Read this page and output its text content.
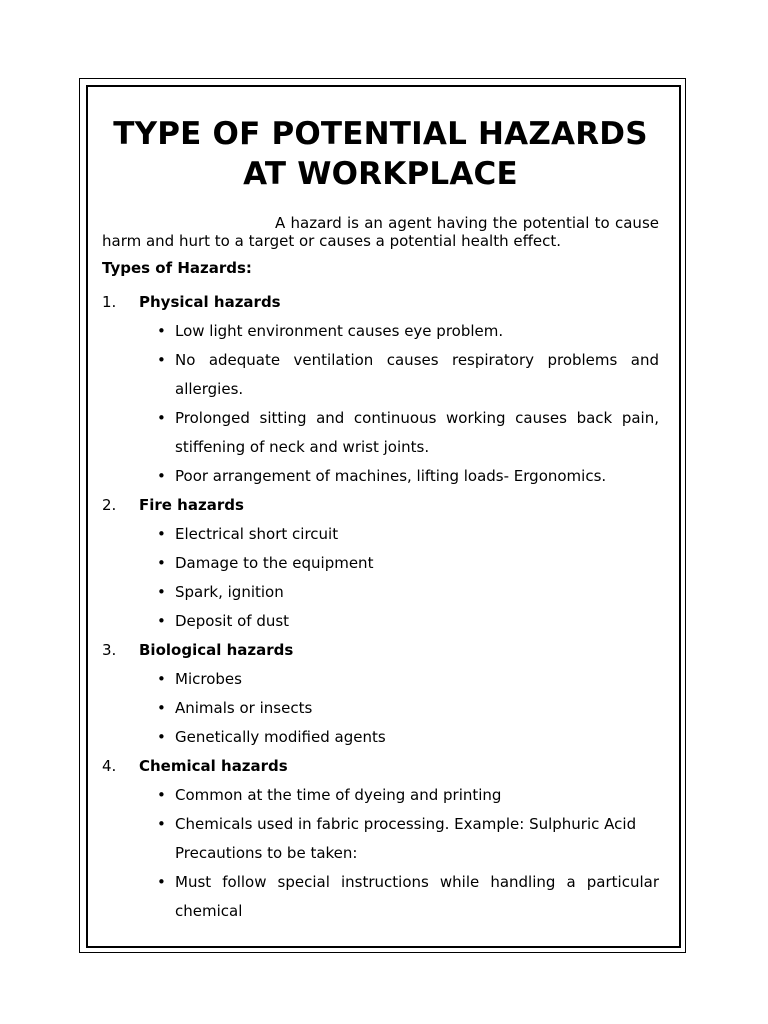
TYPE OF POTENTIAL HAZARDS AT WORKPLACE

A hazard is an agent having the potential to cause harm and hurt to a target or causes a potential health effect.

Types of Hazards:

1.	Physical hazards
• Low light environment causes eye problem.
• No adequate ventilation causes respiratory problems and allergies.
• Prolonged sitting and continuous working causes back pain, stiffening of neck and wrist joints.
• Poor arrangement of machines, lifting loads- Ergonomics.
2.	Fire hazards
• Electrical short circuit
• Damage to the equipment
• Spark, ignition
• Deposit of dust
3.	Biological hazards
• Microbes
• Animals or insects
• Genetically modified agents
4.	Chemical hazards
• Common at the time of dyeing and printing
• Chemicals used in fabric processing. Example: Sulphuric Acid
Precautions to be taken:
• Must follow special instructions while handling a particular chemical
